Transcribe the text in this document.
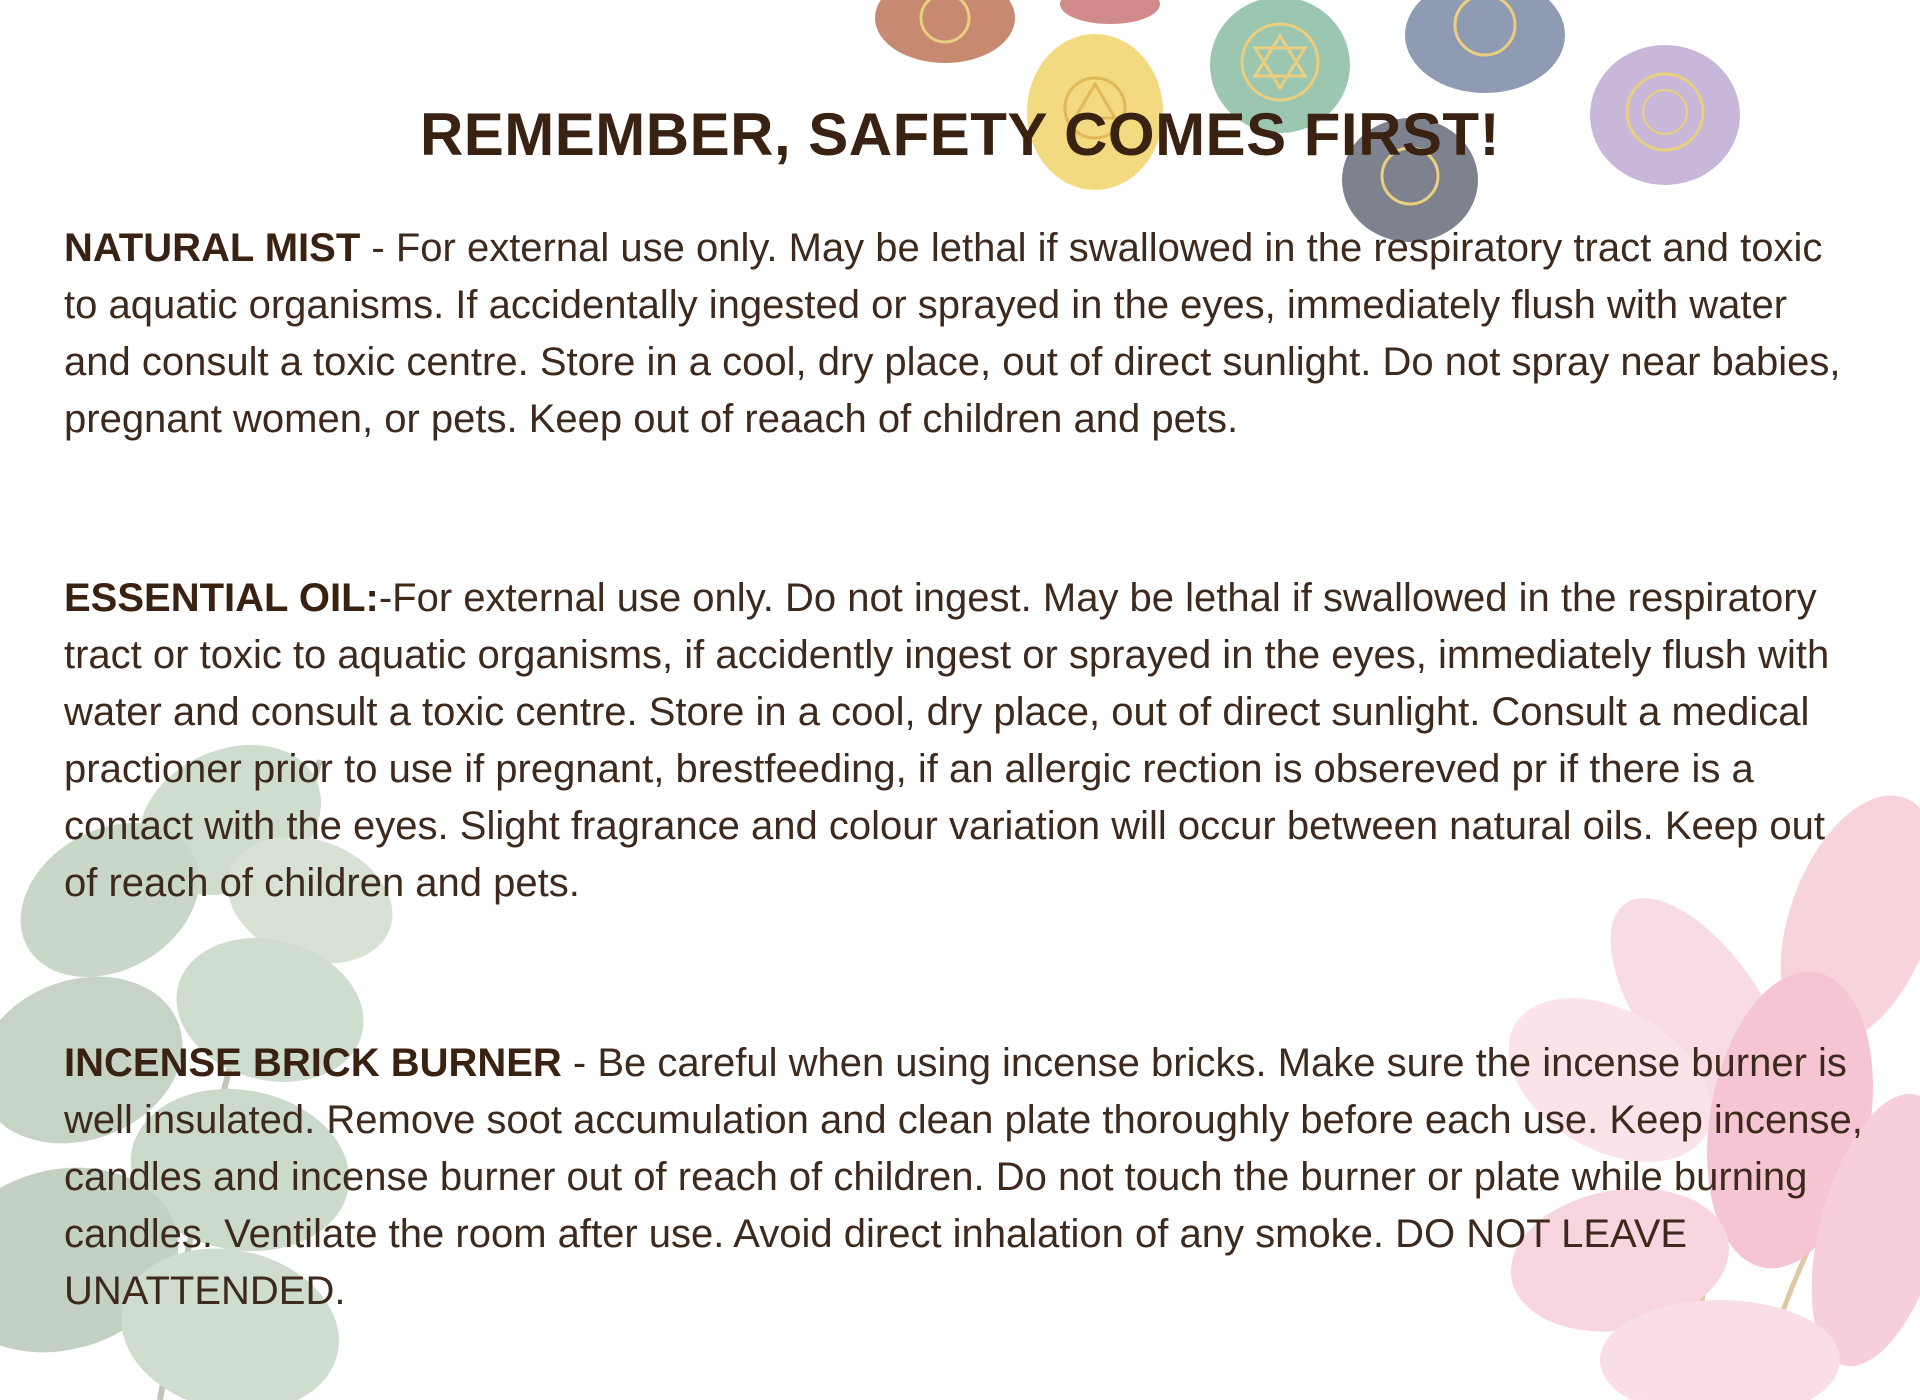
REMEMBER, SAFETY COMES FIRST!

NATURAL MIST - For external use only. May be lethal if swallowed in the respiratory tract and toxic to aquatic organisms. If accidentally ingested or sprayed in the eyes, immediately flush with water and consult a toxic centre. Store in a cool, dry place, out of direct sunlight. Do not spray near babies, pregnant women, or pets. Keep out of reaach of children and pets.

ESSENTIAL OIL:-For external use only. Do not ingest. May be lethal if swallowed in the respiratory tract or toxic to aquatic organisms, if accidently ingest or sprayed in the eyes, immediately flush with water and consult a toxic centre. Store in a cool, dry place, out of direct sunlight. Consult a medical practioner prior to use if pregnant, brestfeeding, if an allergic rection is obsereved pr if there is a contact with the eyes. Slight fragrance and colour variation will occur between natural oils. Keep out of reach of children and pets.

INCENSE BRICK BURNER - Be careful when using incense bricks. Make sure the incense burner is well insulated. Remove soot accumulation and clean plate thoroughly before each use. Keep incense, candles and incense burner out of reach of children. Do not touch the burner or plate while burning candles. Ventilate the room after use. Avoid direct inhalation of any smoke. DO NOT LEAVE UNATTENDED.
